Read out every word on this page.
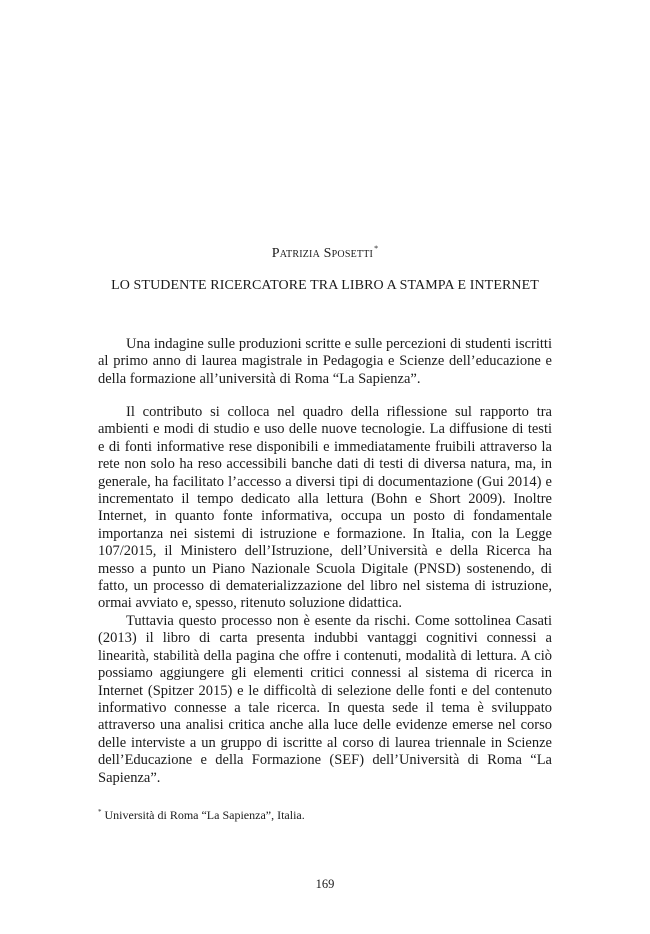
Patrizia Sposetti*
LO STUDENTE RICERCATORE TRA LIBRO A STAMPA E INTERNET

Una indagine sulle produzioni scritte e sulle percezioni di studenti iscritti al primo anno di laurea magistrale in Pedagogia e Scienze dell’educazione e della formazione all’università di Roma “La Sapienza”.

Il contributo si colloca nel quadro della riflessione sul rapporto tra ambienti e modi di studio e uso delle nuove tecnologie. La diffusione di testi e di fonti informative rese disponibili e immediatamente fruibili attraverso la rete non solo ha reso accessibili banche dati di testi di diversa natura, ma, in generale, ha facilitato l’accesso a diversi tipi di documentazione (Gui 2014) e incrementato il tempo dedicato alla lettura (Bohn e Short 2009). Inoltre Internet, in quanto fonte informativa, occupa un posto di fondamentale importanza nei sistemi di istruzione e formazione. In Italia, con la Legge 107/2015, il Ministero dell’Istruzione, dell’Università e della Ricerca ha messo a punto un Piano Nazionale Scuola Digitale (PNSD) sostenendo, di fatto, un processo di dematerializzazione del libro nel sistema di istruzione, ormai avviato e, spesso, ritenuto soluzione didattica.

Tuttavia questo processo non è esente da rischi. Come sottolinea Casati (2013) il libro di carta presenta indubbi vantaggi cognitivi connessi a linearità, stabilità della pagina che offre i contenuti, modalità di lettura. A ciò possiamo aggiungere gli elementi critici connessi al sistema di ricerca in Internet (Spitzer 2015) e le difficoltà di selezione delle fonti e del contenuto informativo connesse a tale ricerca. In questa sede il tema è sviluppato attraverso una analisi critica anche alla luce delle evidenze emerse nel corso delle interviste a un gruppo di iscritte al corso di laurea triennale in Scienze dell’Educazione e della Formazione (SEF) dell’Università di Roma “La Sapienza”.

* Università di Roma “La Sapienza”, Italia.
169
